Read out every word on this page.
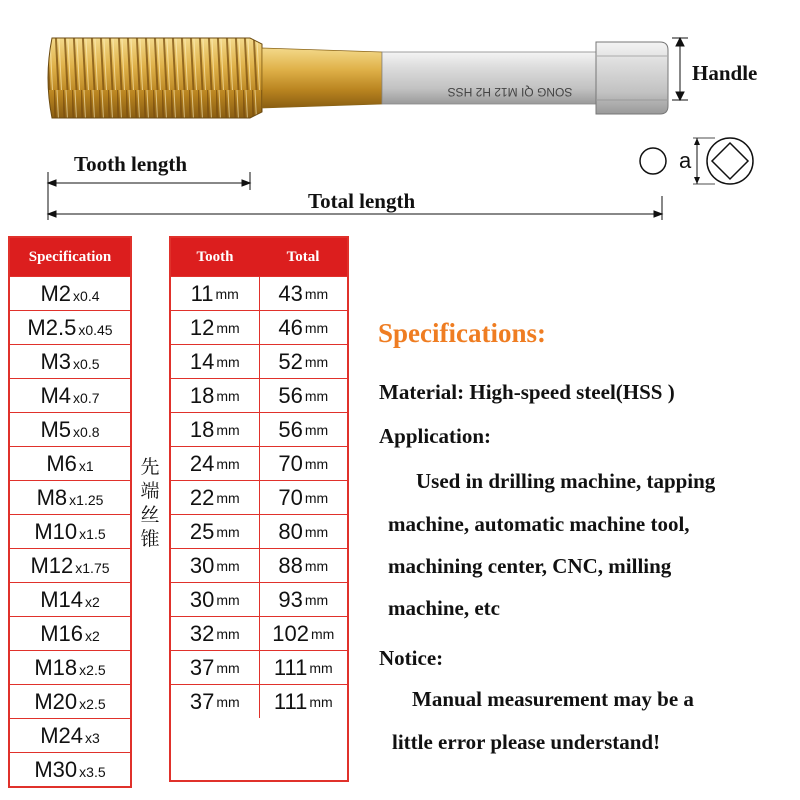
SONG QI M12 H2 HSS
Handle
a
Tooth length
Total length
Specification
M2 x0.4
M2.5 x0.45
M3 x0.5
M4 x0.7
M5 x0.8
M6 x1
M8 x1.25
M10 x1.5
M12 x1.75
M14 x2
M16 x2
M18 x2.5
M20 x2.5
M24 x3
M30 x3.5
先
端
丝
锥
Tooth	Total
11 mm 43 mm
12 mm 46 mm
14 mm 52 mm
18 mm 56 mm
18 mm 56 mm
24 mm 70 mm
22 mm 70 mm
25 mm 80 mm
30 mm 88 mm
30 mm 93 mm
32 mm 102 mm
37 mm 111 mm
37 mm 111 mm
Specifications:
Material: High-speed steel(HSS )
Application:
Used in drilling machine, tapping
machine, automatic machine tool,
machining center, CNC, milling
machine, etc
Notice:
Manual measurement may be a
little error please understand!
